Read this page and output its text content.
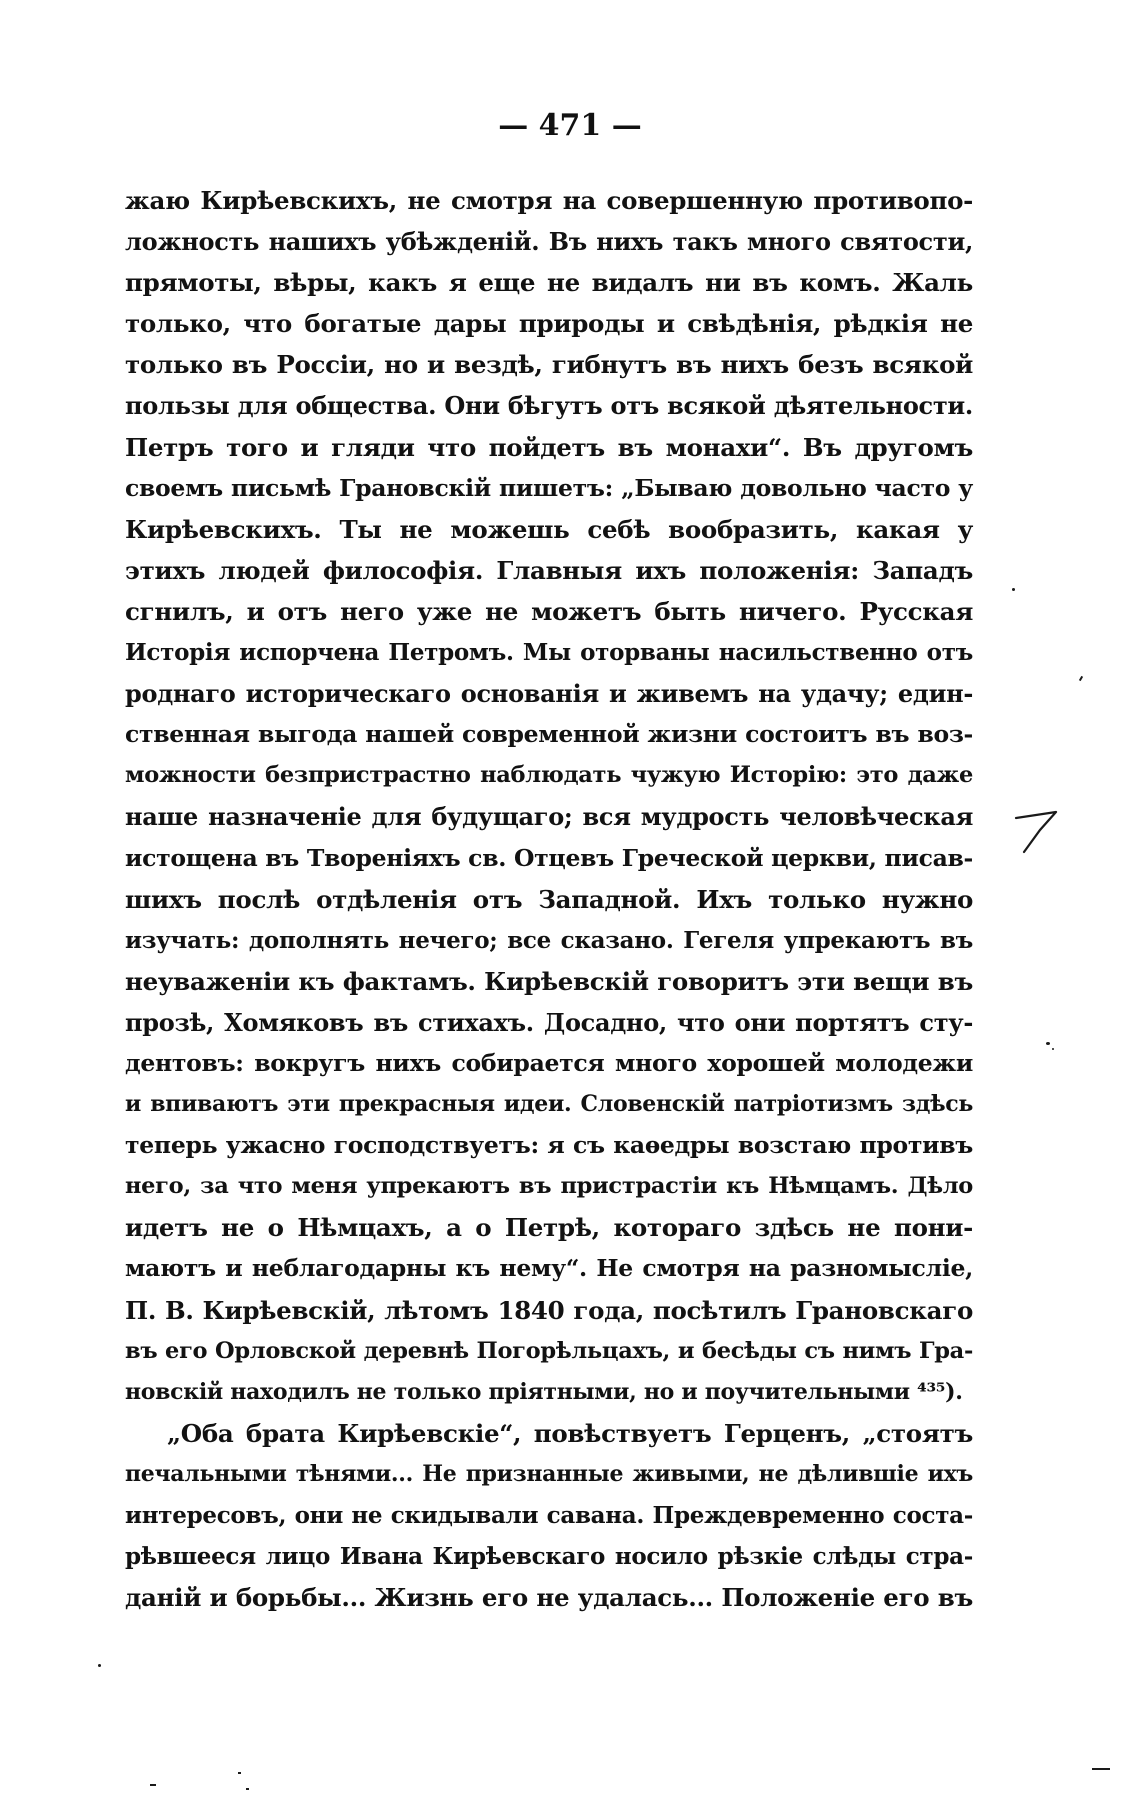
— 471 —
жаю Кирѣевскихъ, не смотря на совершенную противопо-
ложность нашихъ убѣжденій. Въ нихъ такъ много святости,
прямоты, вѣры, какъ я еще не видалъ ни въ комъ. Жаль
только, что богатые дары природы и свѣдѣнія, рѣдкія не
только въ Россіи, но и вездѣ, гибнутъ въ нихъ безъ всякой
пользы для общества. Они бѣгутъ отъ всякой дѣятельности.
Петръ того и гляди что пойдетъ въ монахи“. Въ другомъ
своемъ письмѣ Грановскій пишетъ: „Бываю довольно часто у
Кирѣевскихъ. Ты не можешь себѣ вообразить, какая у
этихъ людей философія. Главныя ихъ положенія: Западъ
сгнилъ, и отъ него уже не можетъ быть ничего. Русская
Исторія испорчена Петромъ. Мы оторваны насильственно отъ
роднаго историческаго основанія и живемъ на удачу; един-
ственная выгода нашей современной жизни состоитъ въ воз-
можности безпристрастно наблюдать чужую Исторію: это даже
наше назначеніе для будущаго; вся мудрость человѣческая
истощена въ Твореніяхъ св. Отцевъ Греческой церкви, писав-
шихъ послѣ отдѣленія отъ Западной. Ихъ только нужно
изучать: дополнять нечего; все сказано. Гегеля упрекаютъ въ
неуваженіи къ фактамъ. Кирѣевскій говоритъ эти вещи въ
прозѣ, Хомяковъ въ стихахъ. Досадно, что они портятъ сту-
дентовъ: вокругъ нихъ собирается много хорошей молодежи
и впиваютъ эти прекрасныя идеи. Словенскій патріотизмъ здѣсь
теперь ужасно господствуетъ: я съ каѳедры возстаю противъ
него, за что меня упрекаютъ въ пристрастіи къ Нѣмцамъ. Дѣло
идетъ не о Нѣмцахъ, а о Петрѣ, котораго здѣсь не пони-
маютъ и неблагодарны къ нему“. Не смотря на разномысліе,
П. В. Кирѣевскій, лѣтомъ 1840 года, посѣтилъ Грановскаго
въ его Орловской деревнѣ Погорѣльцахъ, и бесѣды съ нимъ Гра-
новскій находилъ не только пріятными, но и поучительными ⁴³⁵).
„Оба брата Кирѣевскіе“, повѣствуетъ Герценъ, „стоятъ
печальными тѣнями... Не признанные живыми, не дѣлившіе ихъ
интересовъ, они не скидывали савана. Преждевременно соста-
рѣвшееся лицо Ивана Кирѣевскаго носило рѣзкіе слѣды стра-
даній и борьбы... Жизнь его не удалась... Положеніе его въ
